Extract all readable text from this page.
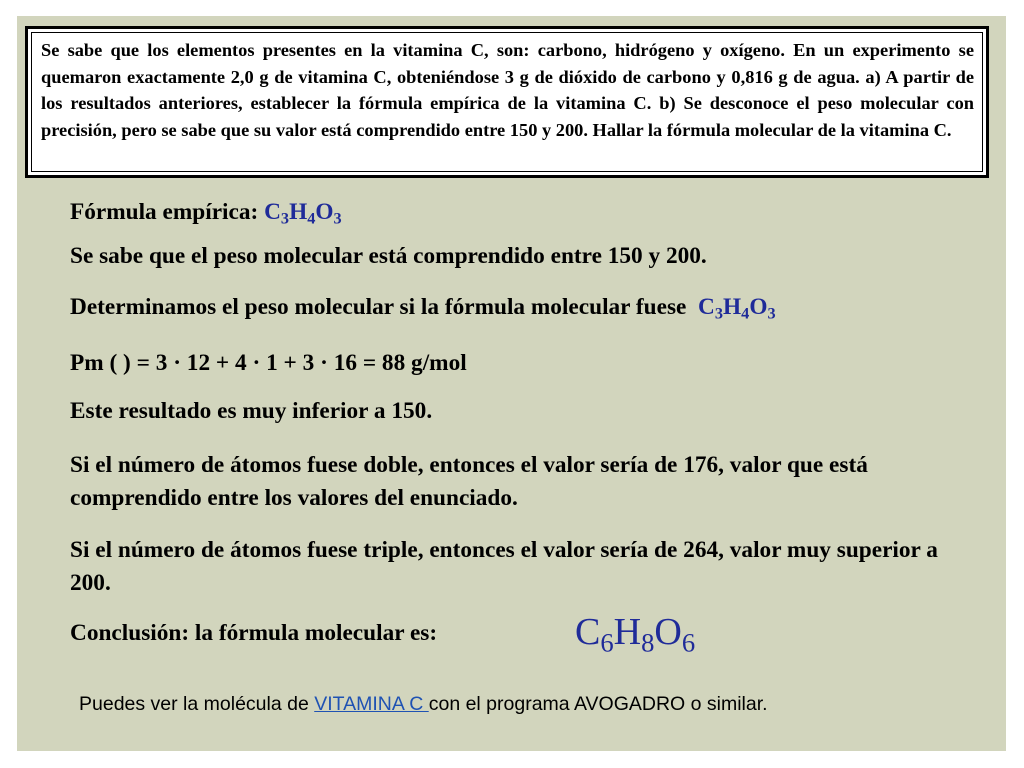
Se sabe que los elementos presentes en la vitamina C, son: carbono, hidrógeno y oxígeno. En un experimento se quemaron exactamente 2,0 g de vitamina C, obteniéndose 3 g de dióxido de carbono y 0,816 g de agua. a) A partir de los resultados anteriores, establecer la fórmula empírica de la vitamina C. b) Se desconoce el peso molecular con precisión, pero se sabe que su valor está comprendido entre 150 y 200. Hallar la fórmula molecular de la vitamina C.
Fórmula empírica: $C_3H_4O_3$
Se sabe que el peso molecular está comprendido entre 150 y 200.
Determinamos el peso molecular si la fórmula molecular fuese $C_3H_4O_3$
Pm ( ) = 3 · 12 + 4 · 1 + 3 · 16 = 88 g/mol
Este resultado es muy inferior a 150.
Si el número de átomos fuese doble, entonces el valor sería de 176, valor que está comprendido entre los valores del enunciado.
Si el número de átomos fuese triple, entonces el valor sería de 264, valor muy superior a 200.
Conclusión: la fórmula molecular es:	$C_6H_8O_6$
Puedes ver la molécula de VITAMINA C con el programa AVOGADRO o similar.
